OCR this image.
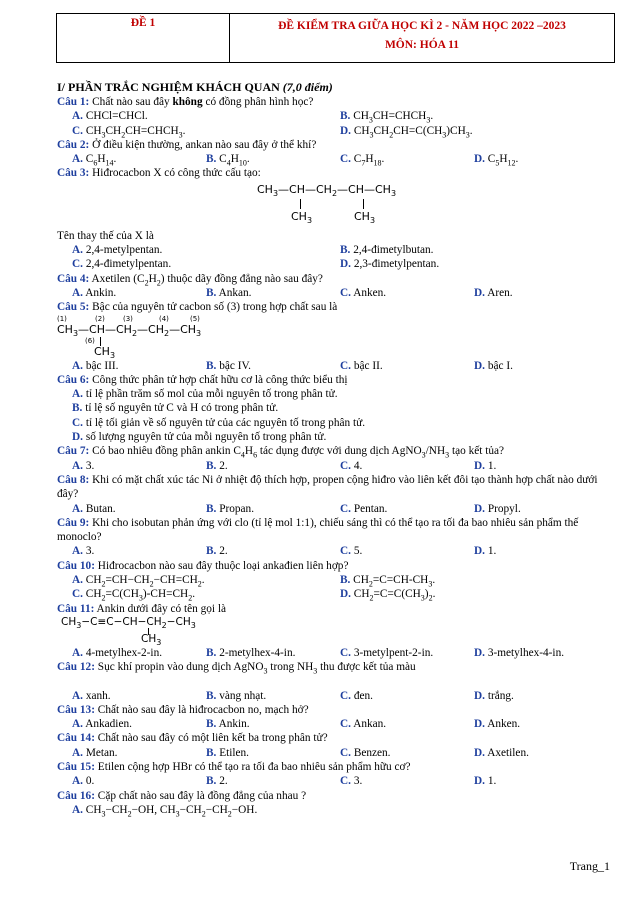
ĐỀ 1	ĐỀ KIỂM TRA GIỮA HỌC KÌ 2 - NĂM HỌC 2022 –2023
MÔN: HÓA 11
I/ PHẦN TRẮC NGHIỆM KHÁCH QUAN (7,0 điểm)
Câu 1: Chất nào sau đây không có đồng phân hình học?
A. CHCl=CHCl.	B. $CH_3CH=CHCH_3$.
C. $CH_3CH_2CH=CHCH_3$.	D. $CH_3CH_2CH=C(CH_3)CH_3$.
Câu 2: Ở điều kiện thường, ankan nào sau đây ở thể khí?
A. $C_6H_{14}$.	B. $C_4H_{10}$.	C. $C_7H_{18}$.	D. $C_5H_{12}$.
Câu 3: Hiđrocacbon X có công thức cấu tạo:
$CH_3—CH—CH_2—CH—CH_3$
$CH_3$	$CH_3$
Tên thay thế của X là
A. 2,4-metylpentan.	B. 2,4-đimetylbutan.
C. 2,4-đimetylpentan.	D. 2,3-đimetylpentan.
Câu 4: Axetilen $(C_2H_2)$ thuộc dãy đồng đẳng nào sau đây?
A. Ankin.	B. Ankan.	C. Anken.	D. Aren.
Câu 5: Bậc của nguyên tử cacbon số (3) trong hợp chất sau là
(1)	(2)	(3)	(4)	(5)
$CH_3—CH—CH_2—CH_2—CH_3$
(6)
$CH_3$
A. bậc III.	B. bậc IV.	C. bậc II.	D. bậc I.
Câu 6: Công thức phân tử hợp chất hữu cơ là công thức biểu thị
A. tỉ lệ phần trăm số mol của mỗi nguyên tố trong phân tử.
B. tỉ lệ số nguyên tử C và H có trong phân tử.
C. tỉ lệ tối giản về số nguyên tử của các nguyên tố trong phân tử.
D. số lượng nguyên tử của mỗi nguyên tố trong phân tử.
Câu 7: Có bao nhiêu đồng phân ankin $C_4H_6$ tác dụng được với dung dịch $AgNO_3/NH_3$ tạo kết tủa?
A. 3.	B. 2.	C. 4.	D. 1.
Câu 8: Khi có mặt chất xúc tác Ni ở nhiệt độ thích hợp, propen cộng hiđro vào liên kết đôi tạo thành hợp chất nào dưới đây?
A. Butan.	B. Propan.	C. Pentan.	D. Propyl.
Câu 9: Khi cho isobutan phản ứng với clo (tỉ lệ mol 1:1), chiếu sáng thì có thể tạo ra tối đa bao nhiêu sản phẩm thế monoclo?
A. 3.	B. 2.	C. 5.	D. 1.
Câu 10: Hiđrocacbon nào sau đây thuộc loại ankađien liên hợp?
A. $CH_2=CH-CH_2-CH=CH_2$.	B. $CH_2=C=CH-CH_3$.
C. $CH_2=C(CH_3)-CH=CH_2$.	D. $CH_2=C=C(CH_3)_2$.
Câu 11: Ankin dưới đây có tên gọi là
$CH_3-C\equiv C-CH-CH_2-CH_3$
$CH_3$
A. 4-metylhex-2-in.	B. 2-metylhex-4-in.	C. 3-metylpent-2-in.	D. 3-metylhex-4-in.
Câu 12: Sục khí propin vào dung dịch AgNO$_3$ trong $NH_3$ thu được kết tủa màu
A. xanh.	B. vàng nhạt.	C. đen.	D. trắng.
Câu 13: Chất nào sau đây là hiđrocacbon no, mạch hở?
A. Ankadien.	B. Ankin.	C. Ankan.	D. Anken.
Câu 14: Chất nào sau đây có một liên kết ba trong phân tử?
A. Metan.	B. Etilen.	C. Benzen.	D. Axetilen.
Câu 15: Etilen cộng hợp HBr có thể tạo ra tối đa bao nhiêu sản phẩm hữu cơ?
A. 0.	B. 2.	C. 3.	D. 1.
Câu 16: Cặp chất nào sau đây là đồng đẳng của nhau ?
A. $CH_3-CH_2-OH$, $CH_3-CH_2-CH_2-OH$.
Trang_1
